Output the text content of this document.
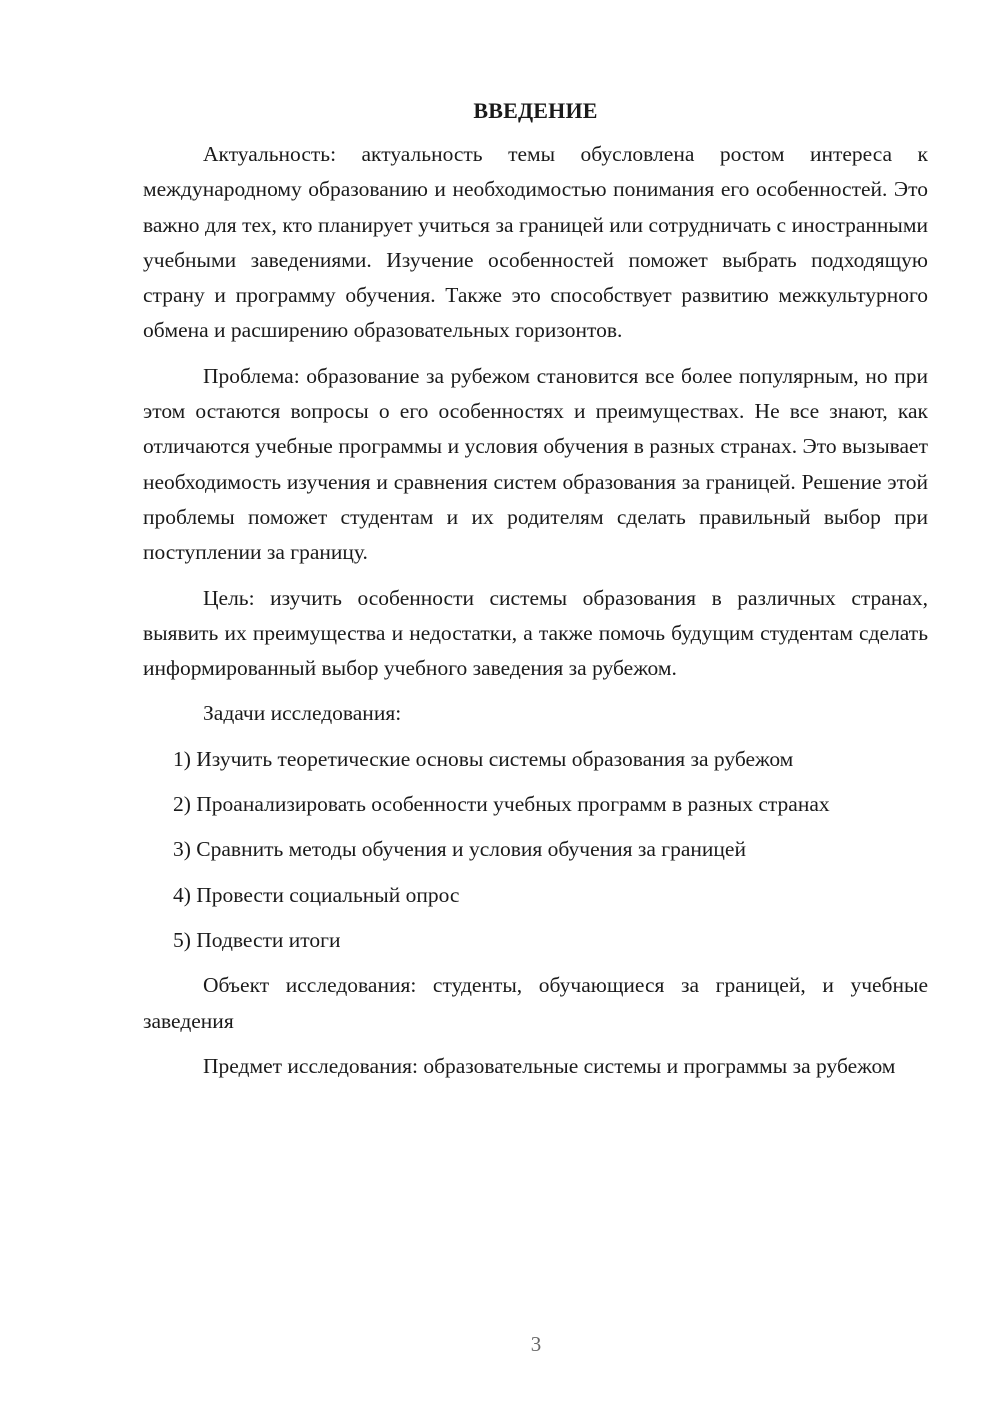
ВВЕДЕНИЕ

Актуальность: актуальность темы обусловлена ростом интереса к международному образованию и необходимостью понимания его особенностей. Это важно для тех, кто планирует учиться за границей или сотрудничать с иностранными учебными заведениями. Изучение особенностей поможет выбрать подходящую страну и программу обучения. Также это способствует развитию межкультурного обмена и расширению образовательных горизонтов.

Проблема: образование за рубежом становится все более популярным, но при этом остаются вопросы о его особенностях и преимуществах. Не все знают, как отличаются учебные программы и условия обучения в разных странах. Это вызывает необходимость изучения и сравнения систем образования за границей. Решение этой проблемы поможет студентам и их родителям сделать правильный выбор при поступлении за границу.

Цель: изучить особенности системы образования в различных странах, выявить их преимущества и недостатки, а также помочь будущим студентам сделать информированный выбор учебного заведения за рубежом.

Задачи исследования:

1) Изучить теоретические основы системы образования за рубежом

2) Проанализировать особенности учебных программ в разных странах

3) Сравнить методы обучения и условия обучения за границей

4) Провести социальный опрос

5) Подвести итоги

Объект исследования: студенты, обучающиеся за границей, и учебные заведения

Предмет исследования: образовательные системы и программы за рубежом

3
